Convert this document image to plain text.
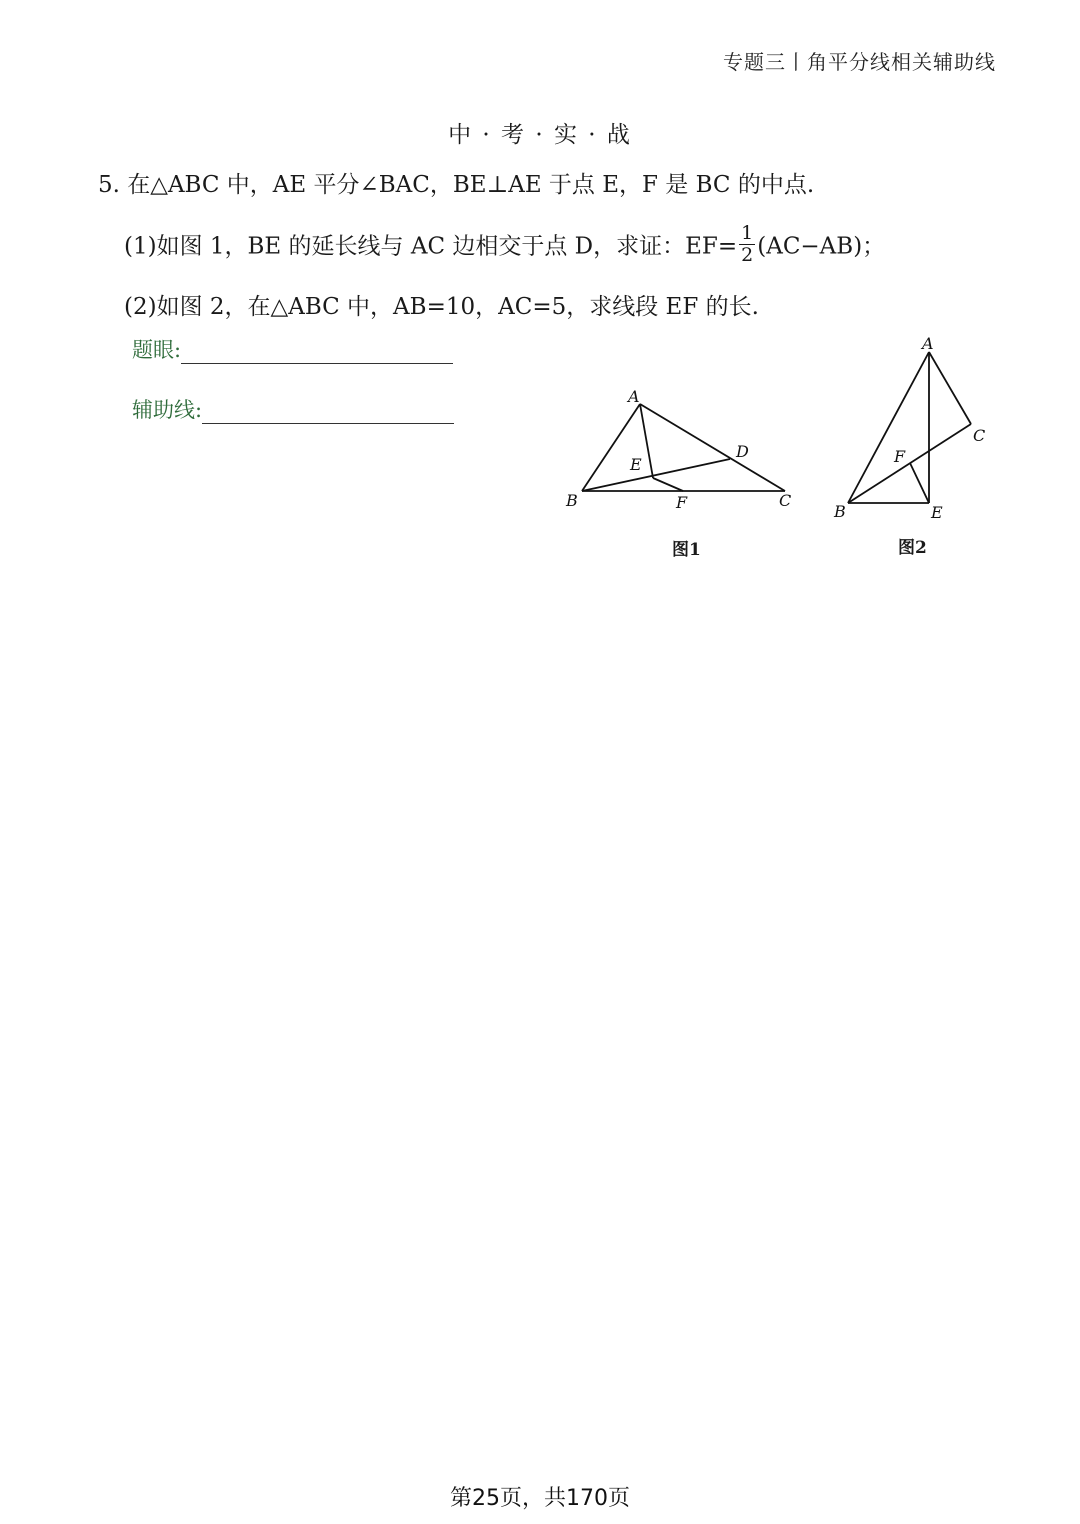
专题三丨角平分线相关辅助线
中 · 考 · 实 · 战
5. 在△ABC 中，AE 平分∠BAC，BE⊥AE 于点 E，F 是 BC 的中点.
(1)如图 1，BE 的延长线与 AC 边相交于点 D，求证：$EF= \frac{1}{2} (AC-AB)$；
(2)如图 2，在△ABC 中，AB=10，AC=5，求线段 EF 的长.
题眼:
辅助线:
A
B	C
D
E
F
图1
A
C
F
B	E
图2
第25页，共170页
